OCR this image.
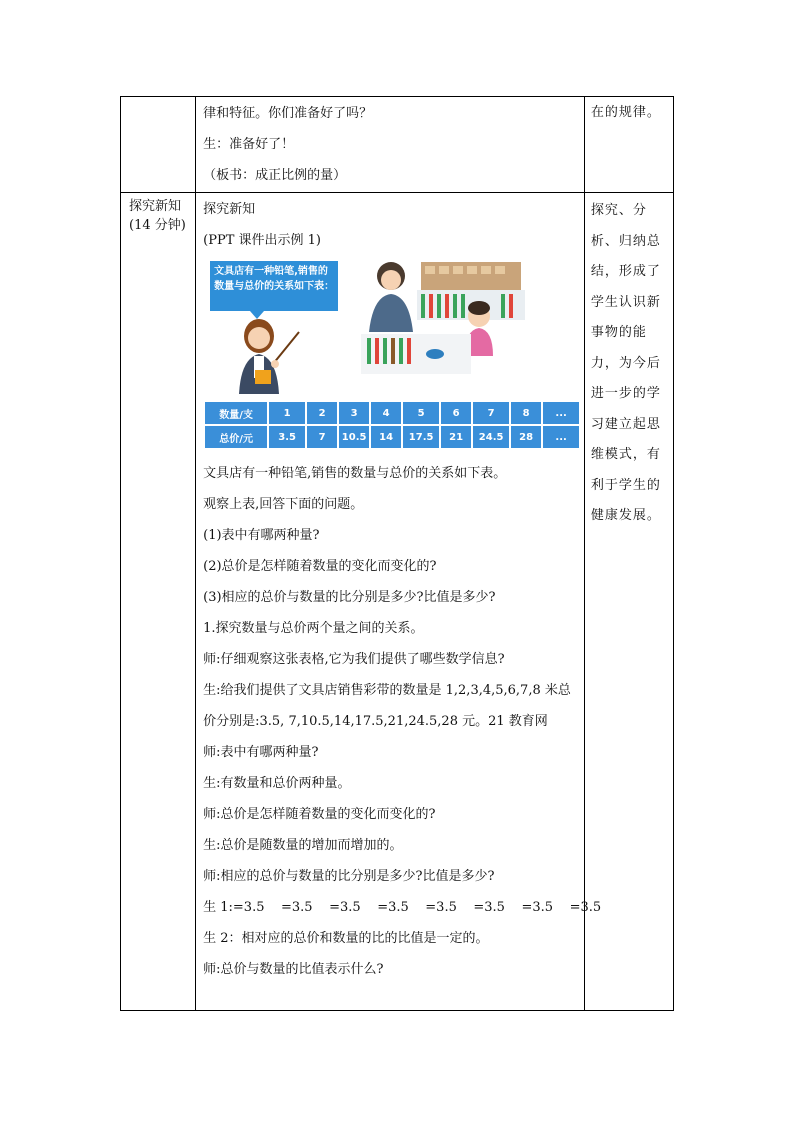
律和特征。你们准备好了吗？
生：准备好了！
（板书：成正比例的量）

在的规律。

探究新知
(14 分钟)

探究新知
(PPT 课件出示例 1)
文具店有一种铅笔,销售的数量与总价的关系如下表：
数量/支	1	2	3	4	5	6	7	8	...
总价/元	3.5	7	10.5	14	17.5	21	24.5	28	...
文具店有一种铅笔,销售的数量与总价的关系如下表。
观察上表,回答下面的问题。
(1)表中有哪两种量?
(2)总价是怎样随着数量的变化而变化的?
(3)相应的总价与数量的比分别是多少?比值是多少?
1.探究数量与总价两个量之间的关系。
师:仔细观察这张表格,它为我们提供了哪些数学信息?
生:给我们提供了文具店销售彩带的数量是 1,2,3,4,5,6,7,8 米总
价分别是:3.5, 7,10.5,14,17.5,21,24.5,28 元。21 教育网
师:表中有哪两种量?
生:有数量和总价两种量。
师:总价是怎样随着数量的变化而变化的?
生:总价是随数量的增加而增加的。
师:相应的总价与数量的比分别是多少?比值是多少?
生 1:=3.5    =3.5    =3.5    =3.5    =3.5    =3.5    =3.5    =3.5
生 2：相对应的总价和数量的比的比值是一定的。
师:总价与数量的比值表示什么?

探究、分析、归纳总结，形成了学生认识新事物的能力，为今后进一步的学习建立起思维模式，有利于学生的健康发展。
